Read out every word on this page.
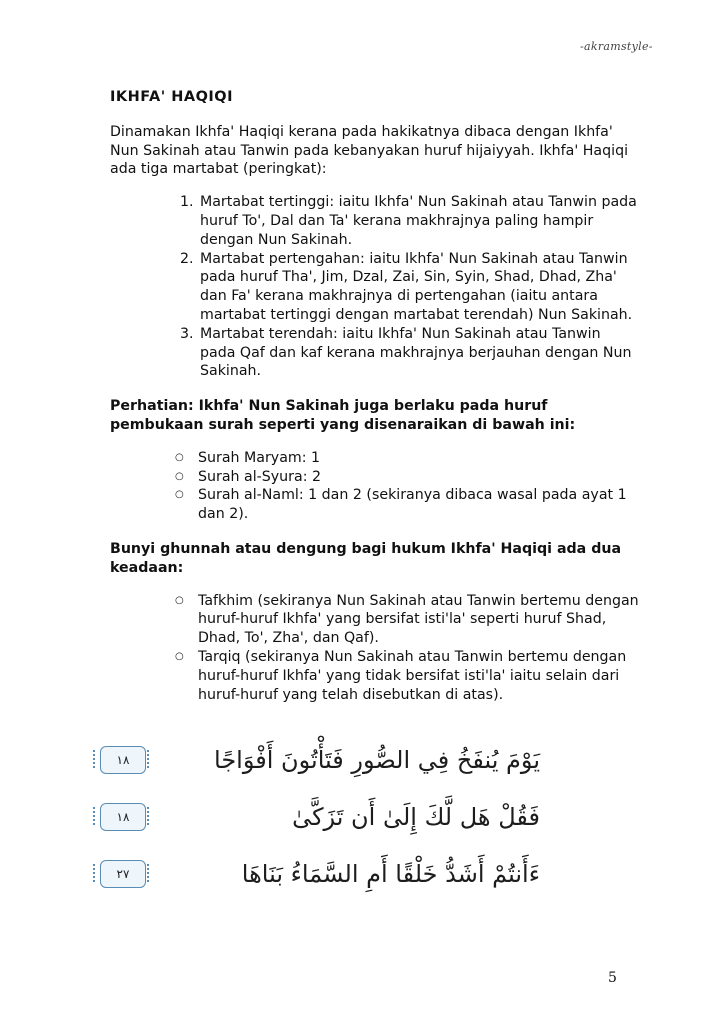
-akramstyle-
IKHFA' HAQIQI

Dinamakan Ikhfa' Haqiqi kerana pada hakikatnya dibaca dengan Ikhfa' Nun Sakinah atau Tanwin pada kebanyakan huruf hijaiyyah. Ikhfa' Haqiqi ada tiga martabat (peringkat):

1. Martabat tertinggi: iaitu Ikhfa' Nun Sakinah atau Tanwin pada huruf To', Dal dan Ta' kerana makhrajnya paling hampir dengan Nun Sakinah.
2. Martabat pertengahan: iaitu Ikhfa' Nun Sakinah atau Tanwin pada huruf Tha', Jim, Dzal, Zai, Sin, Syin, Shad, Dhad, Zha' dan Fa' kerana makhrajnya di pertengahan (iaitu antara martabat tertinggi dengan martabat terendah) Nun Sakinah.
3. Martabat terendah: iaitu Ikhfa' Nun Sakinah atau Tanwin pada Qaf dan kaf kerana makhrajnya berjauhan dengan Nun Sakinah.

Perhatian: Ikhfa' Nun Sakinah juga berlaku pada huruf pembukaan surah seperti yang disenaraikan di bawah ini:

○ Surah Maryam: 1
○ Surah al-Syura: 2
○ Surah al-Naml: 1 dan 2 (sekiranya dibaca wasal pada ayat 1 dan 2).

Bunyi ghunnah atau dengung bagi hukum Ikhfa' Haqiqi ada dua keadaan:

○ Tafkhim (sekiranya Nun Sakinah atau Tanwin bertemu dengan huruf-huruf Ikhfa' yang bersifat isti'la' seperti huruf Shad, Dhad, To', Zha', dan Qaf).
○ Tarqiq (sekiranya Nun Sakinah atau Tanwin bertemu dengan huruf-huruf Ikhfa' yang tidak bersifat isti'la' iaitu selain dari huruf-huruf yang telah disebutkan di atas).
١٨	يَوْمَ يُنفَخُ فِي الصُّورِ فَتَأْتُونَ أَفْوَاجًا
١٨	فَقُلْ هَل لَّكَ إِلَىٰ أَن تَزَكَّىٰ
٢٧	ءَأَنتُمْ أَشَدُّ خَلْقًا أَمِ السَّمَاءُ بَنَاهَا
5
